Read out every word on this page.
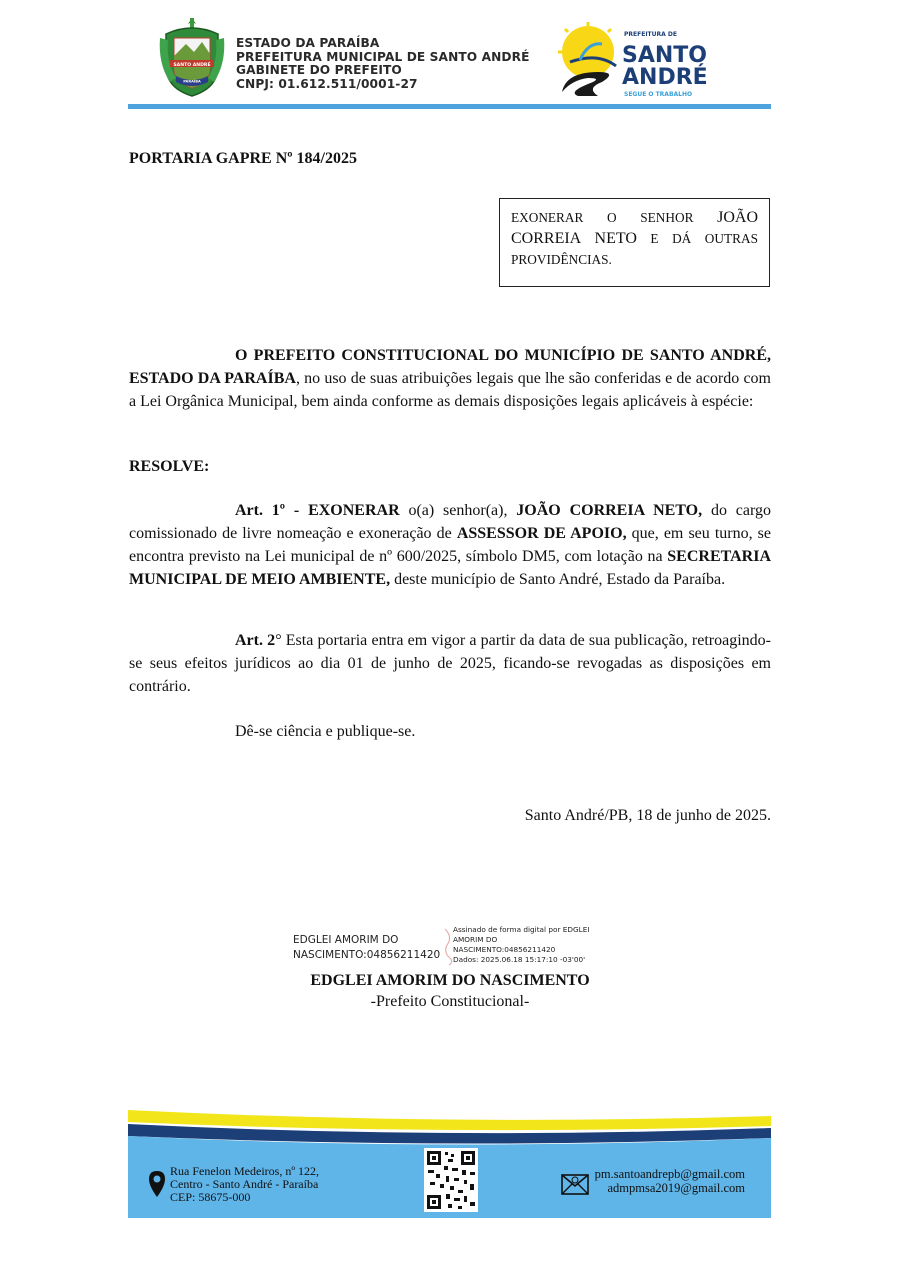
SANTO ANDRÉ
PARAÍBA
ESTADO DA PARAÍBA
PREFEITURA MUNICIPAL DE SANTO ANDRÉ
GABINETE DO PREFEITO
CNPJ: 01.612.511/0001-27
PREFEITURA DE
SANTO
ANDRÉ
SEGUE O TRABALHO
PORTARIA GAPRE Nº 184/2025
EXONERAR O SENHOR JOÃO CORREIA NETO E DÁ OUTRAS PROVIDÊNCIAS.
O PREFEITO CONSTITUCIONAL DO MUNICÍPIO DE SANTO ANDRÉ, ESTADO DA PARAÍBA, no uso de suas atribuições legais que lhe são conferidas e de acordo com a Lei Orgânica Municipal, bem ainda conforme as demais disposições legais aplicáveis à espécie:
RESOLVE:
Art. 1º - EXONERAR o(a) senhor(a), JOÃO CORREIA NETO, do cargo comissionado de livre nomeação e exoneração de ASSESSOR DE APOIO, que, em seu turno, se encontra previsto na Lei municipal de nº 600/2025, símbolo DM5, com lotação na SECRETARIA MUNICIPAL DE MEIO AMBIENTE, deste município de Santo André, Estado da Paraíba.
Art. 2° Esta portaria entra em vigor a partir da data de sua publicação, retroagindo-se seus efeitos jurídicos ao dia 01 de junho de 2025, ficando-se revogadas as disposições em contrário.
Dê-se ciência e publique-se.
Santo André/PB, 18 de junho de 2025.
EDGLEI AMORIM DO
NASCIMENTO:04856211420
Assinado de forma digital por EDGLEI
AMORIM DO
NASCIMENTO:04856211420
Dados: 2025.06.18 15:17:10 -03'00'
EDGLEI AMORIM DO NASCIMENTO
-Prefeito Constitucional-
Rua Fenelon Medeiros, nº 122,
Centro - Santo André - Paraíba
CEP: 58675-000
pm.santoandrepb@gmail.com
admpmsa2019@gmail.com
